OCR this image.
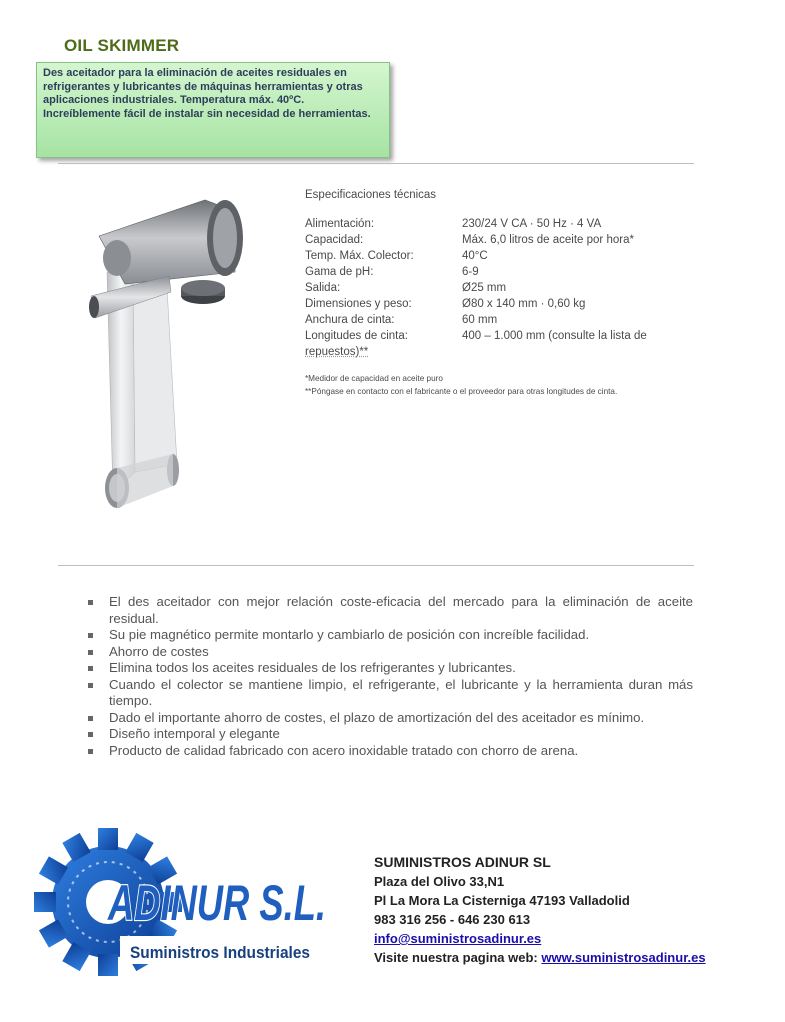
OIL SKIMMER
Des aceitador para la eliminación de aceites residuales en refrigerantes y lubricantes de máquinas herramientas y otras aplicaciones industriales. Temperatura máx. 40ºC. Increíblemente fácil de instalar sin necesidad de herramientas.
Especificaciones técnicas
Alimentación:	230/24 V CA · 50 Hz · 4 VA
Capacidad:	Máx. 6,0 litros de aceite por hora*
Temp. Máx. Colector:	40°C
Gama de pH:	6-9
Salida:	Ø25 mm
Dimensiones y peso:	Ø80 x 140 mm · 0,60 kg
Anchura de cinta:	60 mm
Longitudes de cinta:	400 – 1.000 mm (consulte la lista de
repuestos)**
*Medidor de capacidad en aceite puro
**Póngase en contacto con el fabricante o el proveedor para otras longitudes de cinta.
El des aceitador con mejor relación coste-eficacia del mercado para la eliminación de aceite residual.
Su pie magnético permite montarlo y cambiarlo de posición con increíble facilidad.
Ahorro de costes
Elimina todos los aceites residuales de los refrigerantes y lubricantes.
Cuando el colector se mantiene limpio, el refrigerante, el lubricante y la herramienta duran más tiempo.
Dado el importante ahorro de costes, el plazo de amortización del des aceitador es mínimo.
Diseño intemporal y elegante
Producto de calidad fabricado con acero inoxidable tratado con chorro de arena.
ADINUR S.L.
Suministros Industriales
SUMINISTROS ADINUR SL
Plaza del Olivo 33,N1
Pl La Mora La Cisterniga 47193 Valladolid
983 316 256 - 646 230 613
info@suministrosadinur.es
Visite nuestra pagina web: www.suministrosadinur.es
